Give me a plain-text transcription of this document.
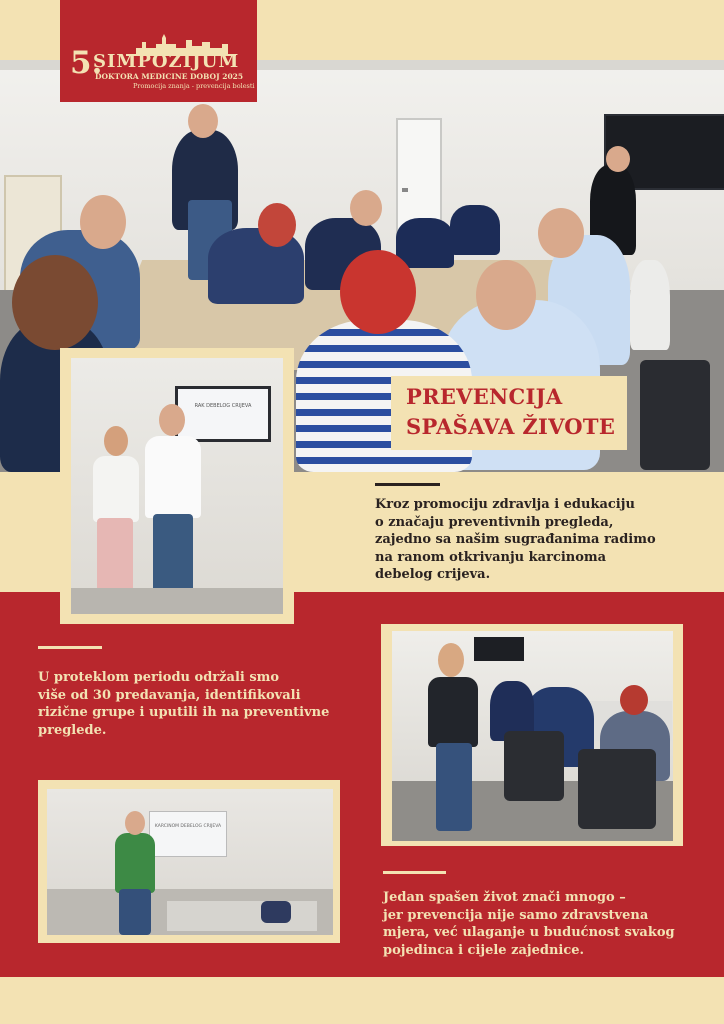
5.
SIMPOZIJUM
DOKTORA MEDICINE DOBOJ 2025
Promocija znanja - prevencija bolesti
RAK DEBELOG CRIJEVA	PREVENCIJA
SPAŠAVA ŽIVOTE
Kroz promociju zdravlja i edukaciju
o značaju preventivnih pregleda,
zajedno sa našim sugrađanima radimo
na ranom otkrivanju karcinoma
debelog crijeva.
U proteklom periodu održali smo
više od 30 predavanja, identifikovali
rizične grupe i uputili ih na preventivne
preglede.
KARCINOM DEBELOG CRIJEVA
Jedan spašen život znači mnogo –
jer prevencija nije samo zdravstvena
mjera, već ulaganje u budućnost svakog
pojedinca i cijele zajednice.
